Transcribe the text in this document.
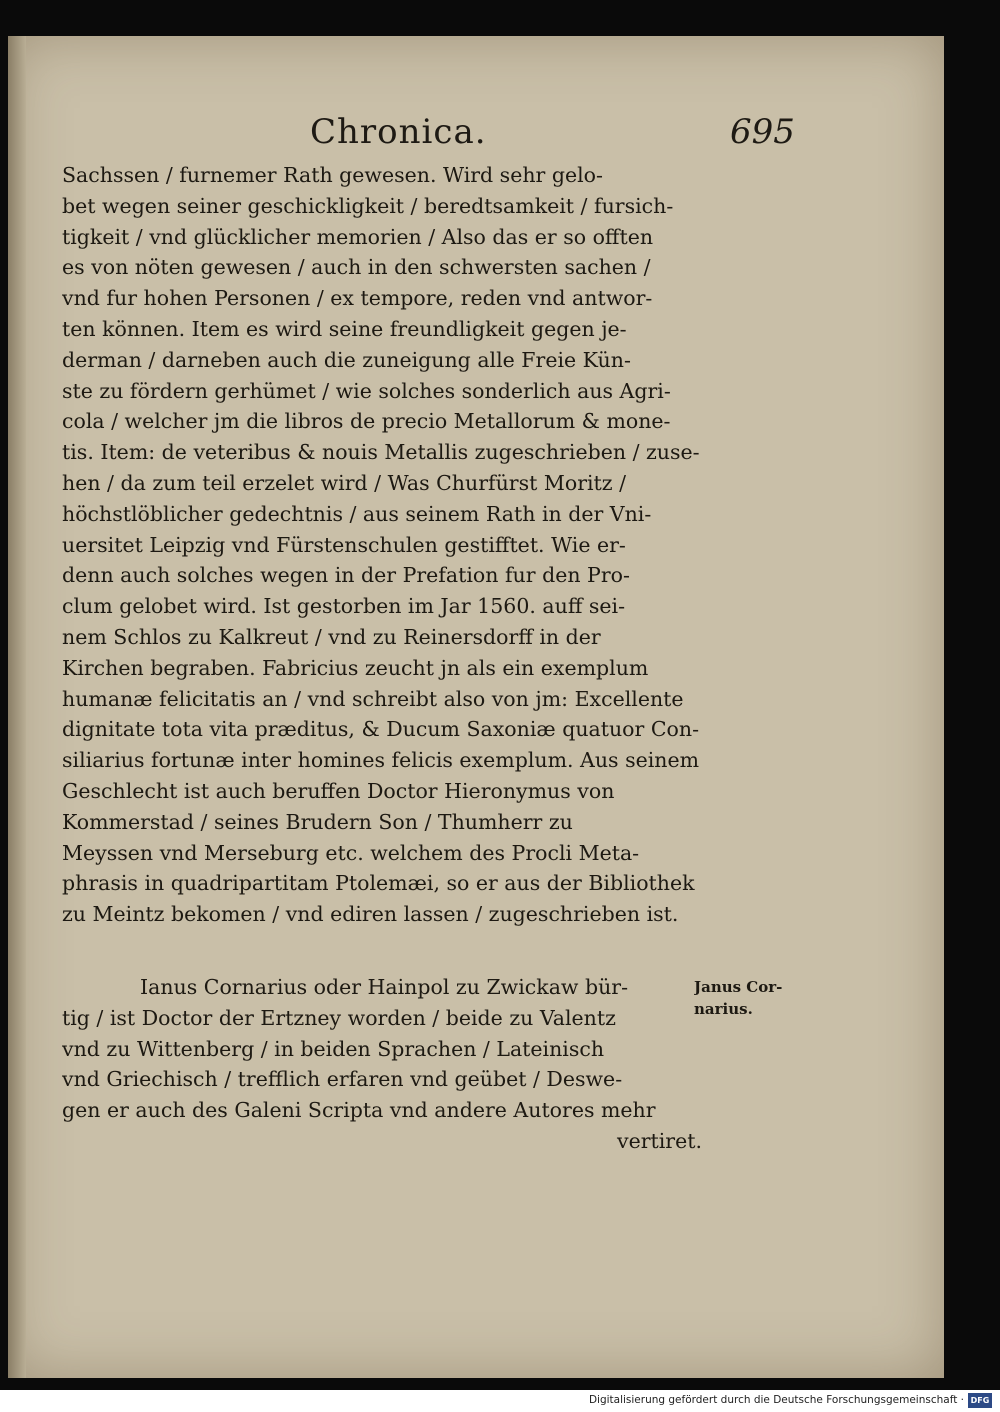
Chronica.	695
Sachssen / furnemer Rath gewesen. Wird sehr gelo-
bet wegen seiner geschickligkeit / beredtsamkeit / fursich-
tigkeit / vnd glücklicher memorien / Also das er so offten
es von nöten gewesen / auch in den schwersten sachen /
vnd fur hohen Personen / ex tempore, reden vnd antwor-
ten können. Item es wird seine freundligkeit gegen je-
derman / darneben auch die zuneigung alle Freie Kün-
ste zu fördern gerhümet / wie solches sonderlich aus Agri-
cola / welcher jm die libros de precio Metallorum & mone-
tis. Item: de veteribus & nouis Metallis zugeschrieben / zuse-
hen / da zum teil erzelet wird / Was Churfürst Moritz /
höchstlöblicher gedechtnis / aus seinem Rath in der Vni-
uersitet Leipzig vnd Fürstenschulen gestifftet. Wie er-
denn auch solches wegen in der Prefation fur den Pro-
clum gelobet wird. Ist gestorben im Jar 1560. auff sei-
nem Schlos zu Kalkreut / vnd zu Reinersdorff in der
Kirchen begraben. Fabricius zeucht jn als ein exemplum
humanæ felicitatis an / vnd schreibt also von jm: Excellente
dignitate tota vita præditus, & Ducum Saxoniæ quatuor Con-
siliarius fortunæ inter homines felicis exemplum. Aus seinem
Geschlecht ist auch beruffen Doctor Hieronymus von
Kommerstad / seines Brudern Son / Thumherr zu
Meyssen vnd Merseburg etc. welchem des Procli Meta-
phrasis in quadripartitam Ptolemæi, so er aus der Bibliothek
zu Meintz bekomen / vnd ediren lassen / zugeschrieben ist.
Ianus Cornarius oder Hainpol zu Zwickaw bür-
tig / ist Doctor der Ertzney worden / beide zu Valentz
vnd zu Wittenberg / in beiden Sprachen / Lateinisch
vnd Griechisch / trefflich erfaren vnd geübet / Deswe-
gen er auch des Galeni Scripta vnd andere Autores mehr
vertiret.
Janus Cor-
narius.
Digitalisierung gefördert durch die Deutsche Forschungsgemeinschaft · DFG
